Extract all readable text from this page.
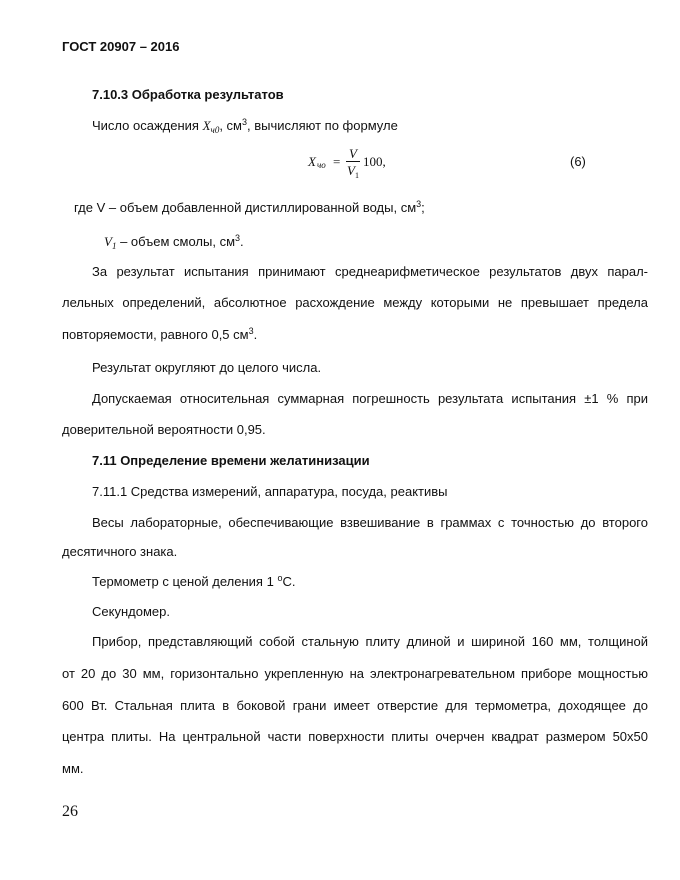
ГОСТ 20907 – 2016
7.10.3 Обработка результатов
Число осаждения $X_{ч0}$, $см^3$, вычисляют по формуле
X чо =
V
$V_1$
100,	(6)
где V – объем добавленной дистиллированной воды, $см^3$;
$V_1$ – объем смолы, $см^3$.
За результат испытания принимают среднеарифметическое результатов двух парал-
лельных определений, абсолютное расхождение между которыми не превышает предела
повторяемости, равного 0,5 $см^3$.
Результат округляют до целого числа.
Допускаемая относительная суммарная погрешность результата испытания ±1 % при
доверительной вероятности 0,95.
7.11 Определение времени желатинизации
7.11.1 Средства измерений, аппаратура, посуда, реактивы
Весы лабораторные, обеспечивающие взвешивание в граммах с точностью до второго
десятичного знака.
Термометр с ценой деления 1 $^о$С.
Секундомер.
Прибор, представляющий собой стальную плиту длиной и шириной 160 мм, толщиной
от 20 до 30 мм, горизонтально укрепленную на электронагревательном приборе мощностью
600 Вт. Стальная плита в боковой грани имеет отверстие для термометра, доходящее до
центра плиты. На центральной части поверхности плиты очерчен квадрат размером 50х50
мм.
26
